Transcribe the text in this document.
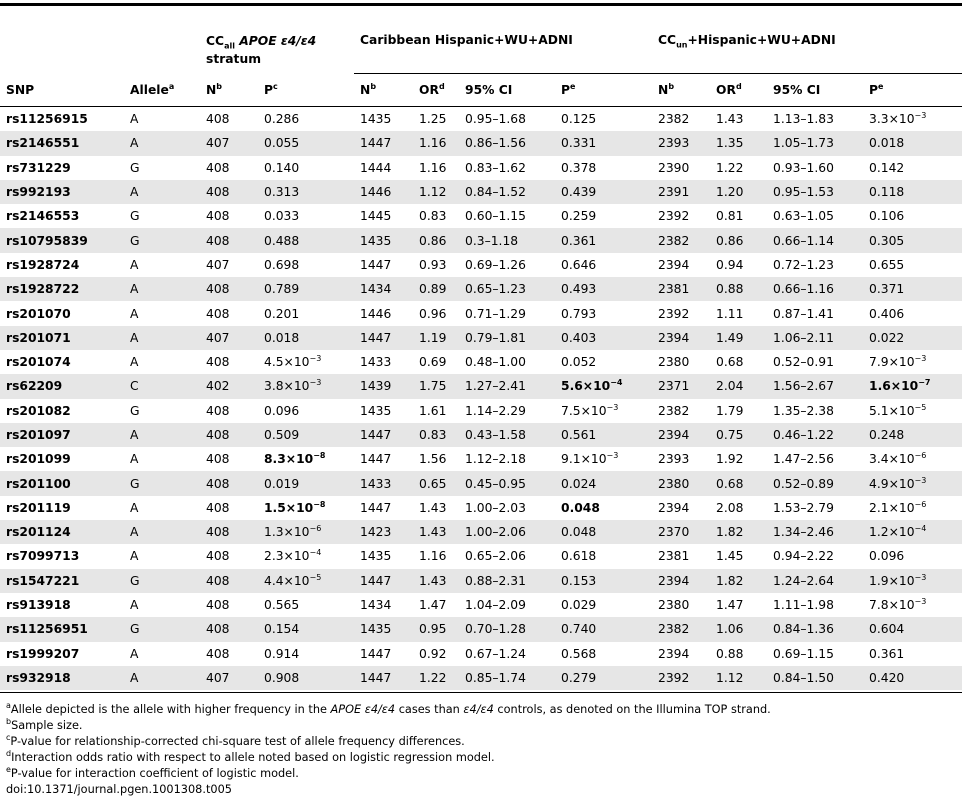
		$CC_{all}$ APOE ε4/ε4
stratum		Caribbean Hispanic+WU+ADNI				$CC_{un}+Hispanic+WU+ADNI$			

SNP	Allele$^a$	$N^b$	$P^c$	$N^b$	$OR^d$	95% CI	$P^e$	$N^b$	$OR^d$	95% CI	$P^e$
rs11256915	A	408	0.286	1435	1.25	0.95–1.68	0.125	2382	1.43	1.13–1.83	$3.3\times 10^{-3}$
rs2146551	A	407	0.055	1447	1.16	0.86–1.56	0.331	2393	1.35	1.05–1.73	0.018
rs731229	G	408	0.140	1444	1.16	0.83–1.62	0.378	2390	1.22	0.93–1.60	0.142
rs992193	A	408	0.313	1446	1.12	0.84–1.52	0.439	2391	1.20	0.95–1.53	0.118
rs2146553	G	408	0.033	1445	0.83	0.60–1.15	0.259	2392	0.81	0.63–1.05	0.106
rs10795839	G	408	0.488	1435	0.86	0.3–1.18	0.361	2382	0.86	0.66–1.14	0.305
rs1928724	A	407	0.698	1447	0.93	0.69–1.26	0.646	2394	0.94	0.72–1.23	0.655
rs1928722	A	408	0.789	1434	0.89	0.65–1.23	0.493	2381	0.88	0.66–1.16	0.371
rs201070	A	408	0.201	1446	0.96	0.71–1.29	0.793	2392	1.11	0.87–1.41	0.406
rs201071	A	407	0.018	1447	1.19	0.79–1.81	0.403	2394	1.49	1.06–2.11	0.022
rs201074	A	408	$4.5\times 10^{-3}$	1433	0.69	0.48–1.00	0.052	2380	0.68	0.52–0.91	$7.9\times 10^{-3}$
rs62209	C	402	$3.8\times 10^{-3}$	1439	1.75	1.27–2.41	$5.6\times 10^{-4}$	2371	2.04	1.56–2.67	$1.6\times 10^{-7}$
rs201082	G	408	0.096	1435	1.61	1.14–2.29	$7.5\times 10^{-3}$	2382	1.79	1.35–2.38	$5.1\times 10^{-5}$
rs201097	A	408	0.509	1447	0.83	0.43–1.58	0.561	2394	0.75	0.46–1.22	0.248
rs201099	A	408	$8.3\times 10^{-8}$	1447	1.56	1.12–2.18	$9.1\times 10^{-3}$	2393	1.92	1.47–2.56	$3.4\times 10^{-6}$
rs201100	G	408	0.019	1433	0.65	0.45–0.95	0.024	2380	0.68	0.52–0.89	$4.9\times 10^{-3}$
rs201119	A	408	$1.5\times 10^{-8}$	1447	1.43	1.00–2.03	0.048	2394	2.08	1.53–2.79	$2.1\times 10^{-6}$
rs201124	A	408	$1.3\times 10^{-6}$	1423	1.43	1.00–2.06	0.048	2370	1.82	1.34–2.46	$1.2\times 10^{-4}$
rs7099713	A	408	$2.3\times 10^{-4}$	1435	1.16	0.65–2.06	0.618	2381	1.45	0.94–2.22	0.096
rs1547221	G	408	$4.4\times 10^{-5}$	1447	1.43	0.88–2.31	0.153	2394	1.82	1.24–2.64	$1.9\times 10^{-3}$
rs913918	A	408	0.565	1434	1.47	1.04–2.09	0.029	2380	1.47	1.11–1.98	$7.8\times 10^{-3}$
rs11256951	G	408	0.154	1435	0.95	0.70–1.28	0.740	2382	1.06	0.84–1.36	0.604
rs1999207	A	408	0.914	1447	0.92	0.67–1.24	0.568	2394	0.88	0.69–1.15	0.361
rs932918	A	407	0.908	1447	1.22	0.85–1.74	0.279	2392	1.12	0.84–1.50	0.420
$^a$Allele depicted is the allele with higher frequency in the APOE ε4/ε4 cases than ε4/ε4 controls, as denoted on the Illumina TOP strand.
$^b$Sample size.
$^c$P-value for relationship-corrected chi-square test of allele frequency differences.
$^d$Interaction odds ratio with respect to allele noted based on logistic regression model.
$^e$P-value for interaction coefficient of logistic model.
doi:10.1371/journal.pgen.1001308.t005
